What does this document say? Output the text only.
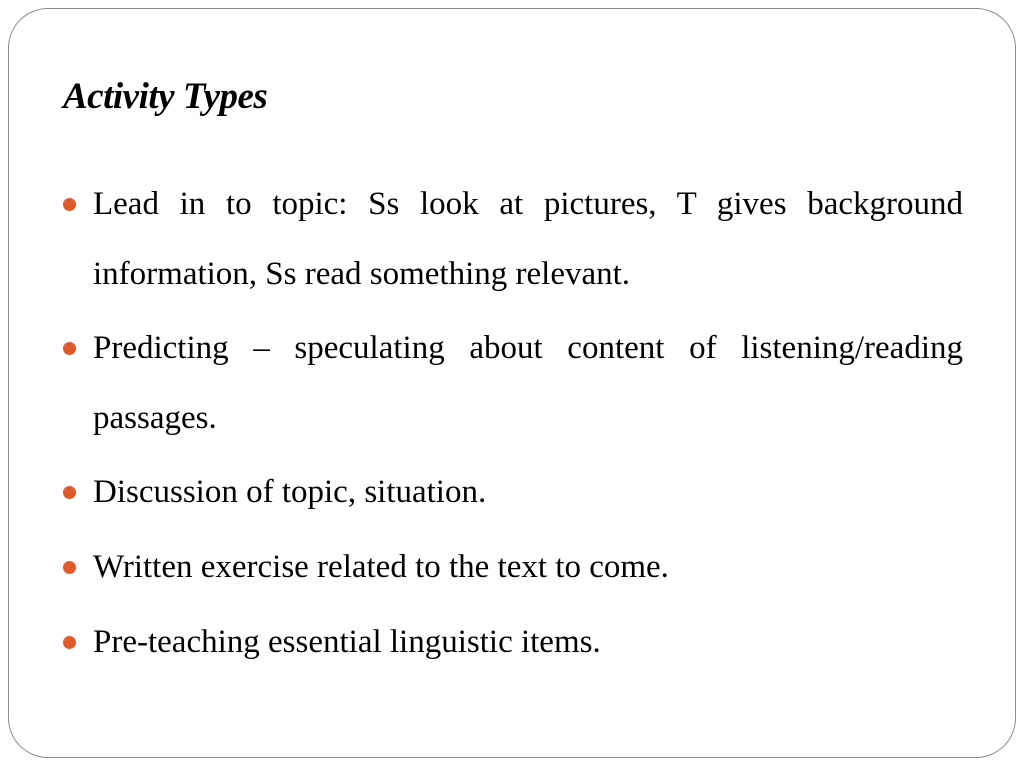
Activity Types
Lead in to topic: Ss look at pictures, T gives background information, Ss read something relevant.
Predicting – speculating about content of listening/reading passages.
Discussion of topic, situation.
Written exercise related to the text to come.
Pre-teaching essential linguistic items.
